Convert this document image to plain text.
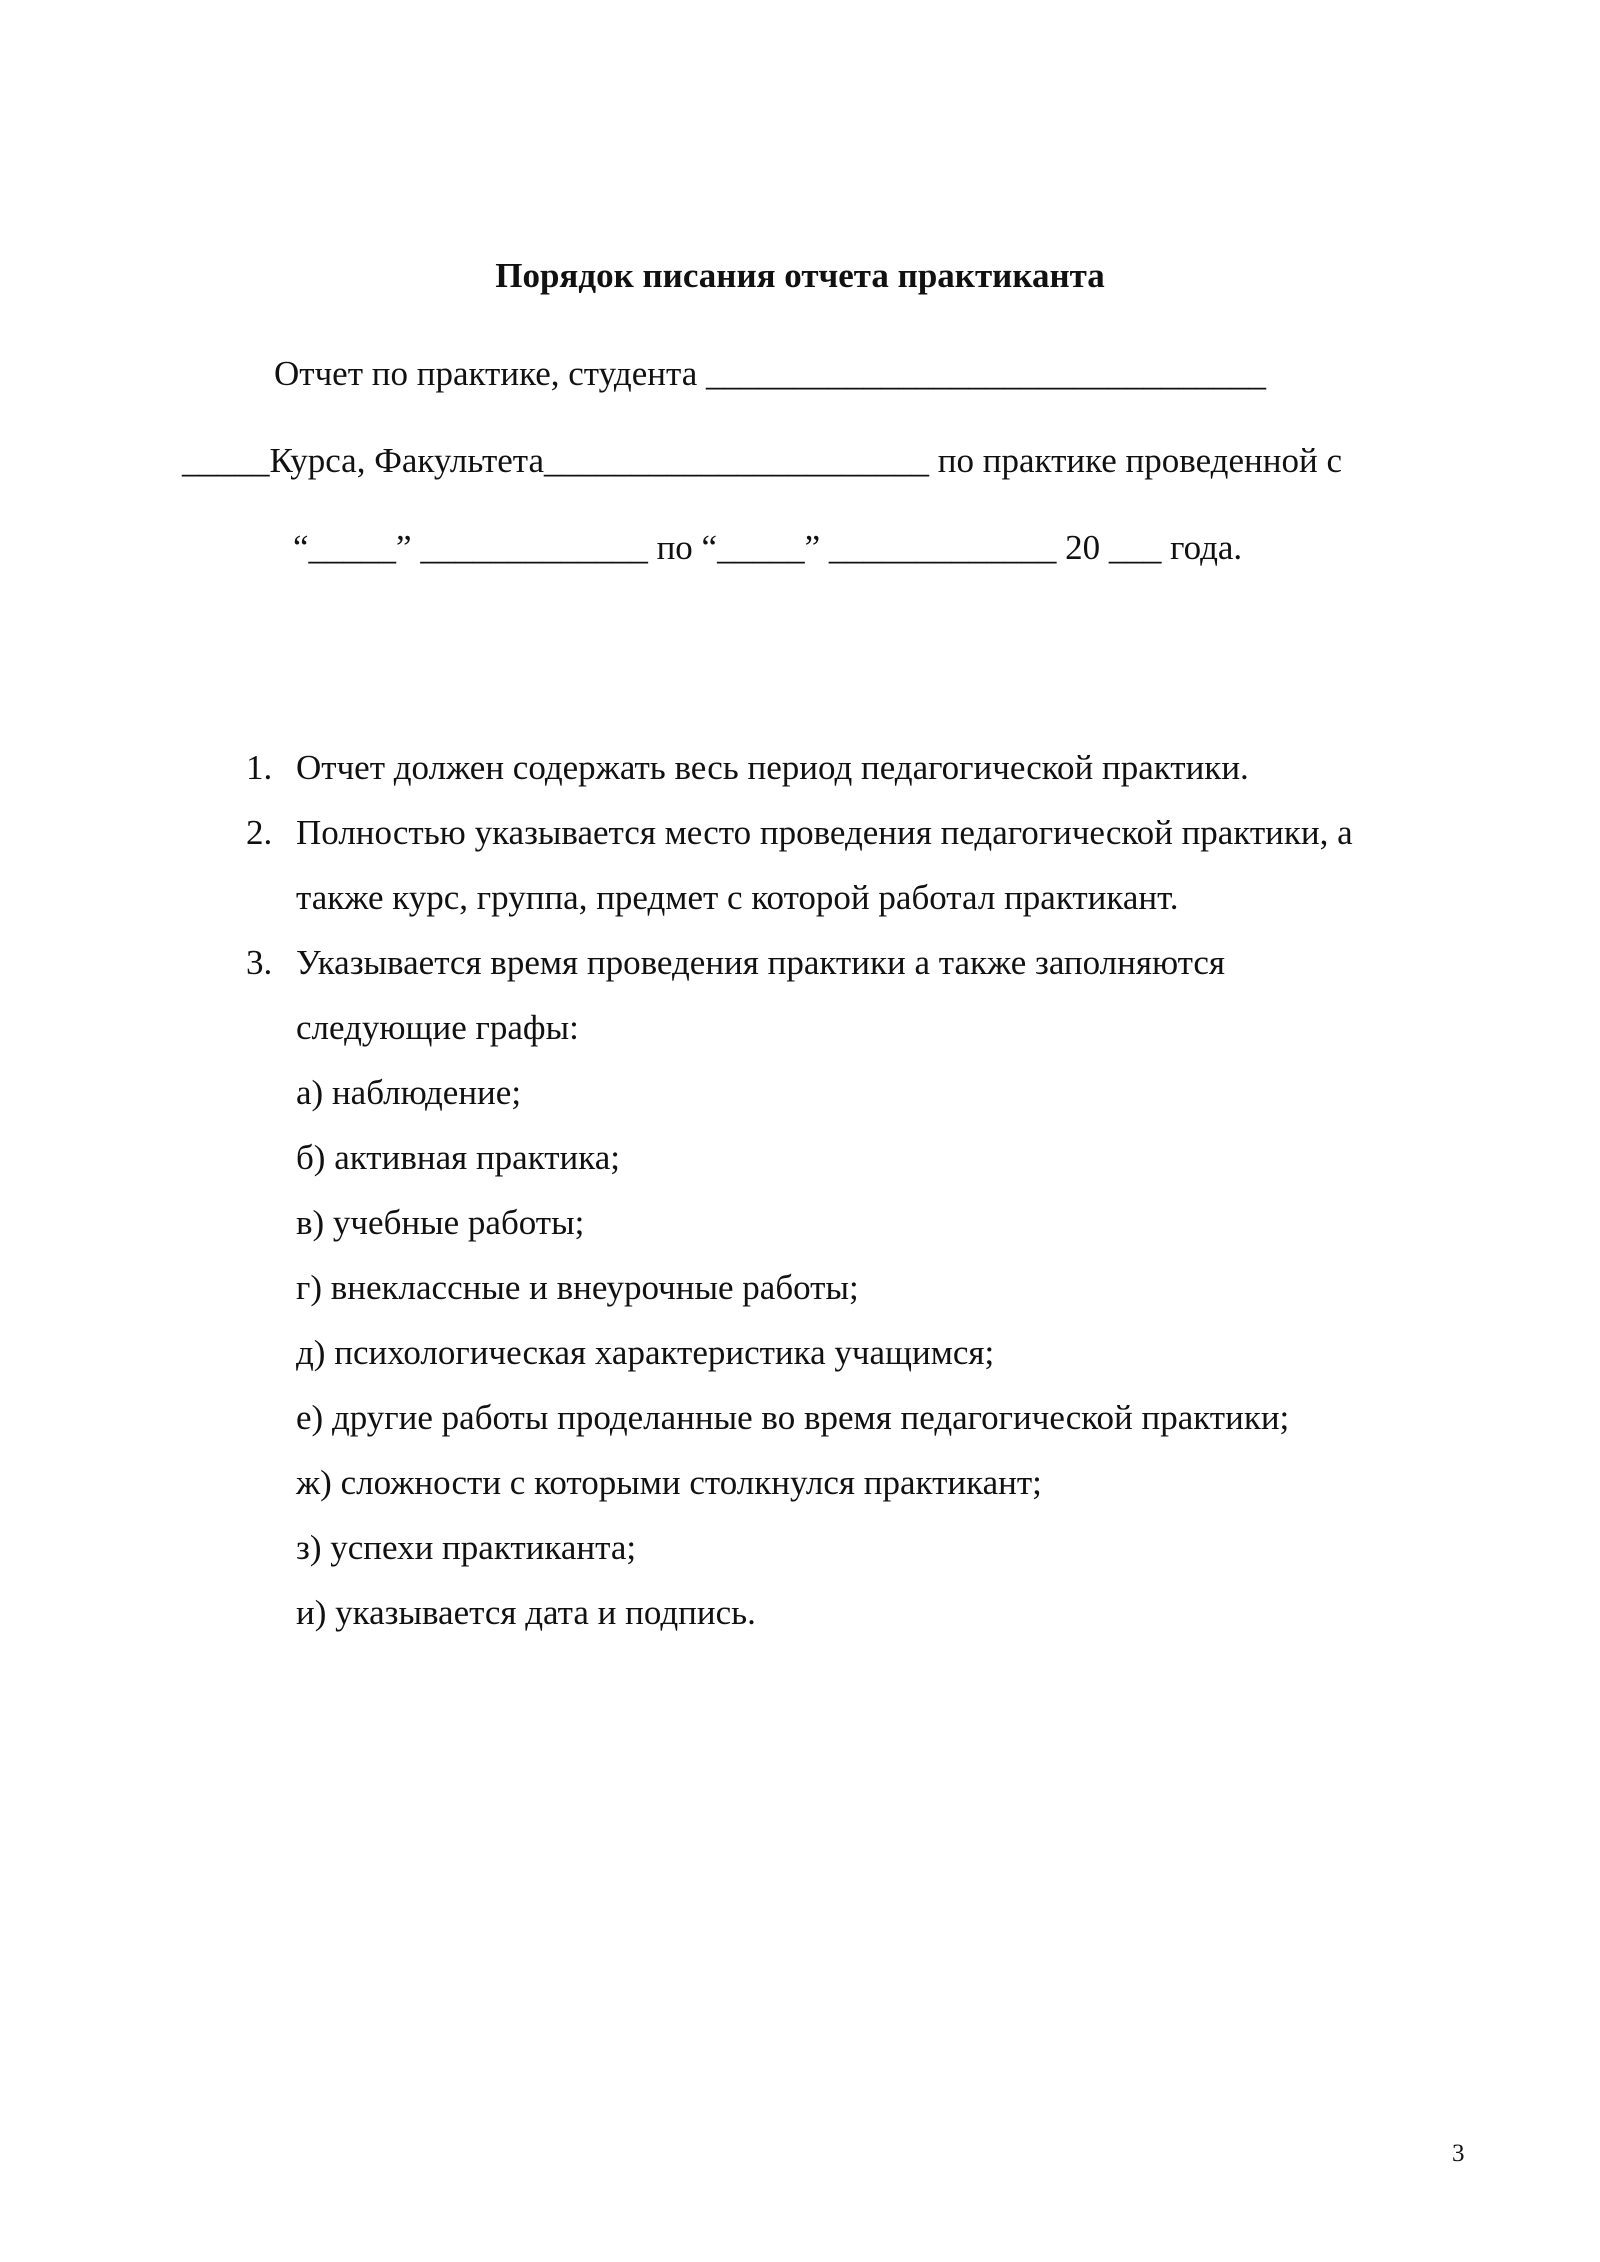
Порядок писания отчета практиканта
Отчет по практике, студента ________________________________
_____Курса, Факультета______________________ по практике проведенной с
“_____” _____________ по “_____” _____________ 20 ___ года.
1. Отчет должен содержать весь период педагогической практики.
2. Полностью указывается место проведения педагогической практики, а
также курс, группа, предмет с которой работал практикант.
3. Указывается время проведения практики а также заполняются
следующие графы:
а) наблюдение;
б) активная практика;
в) учебные работы;
г) внеклассные и внеурочные работы;
д) психологическая характеристика учащимся;
е) другие работы проделанные во время педагогической практики;
ж) сложности с которыми столкнулся практикант;
з) успехи практиканта;
и) указывается дата и подпись.
3
